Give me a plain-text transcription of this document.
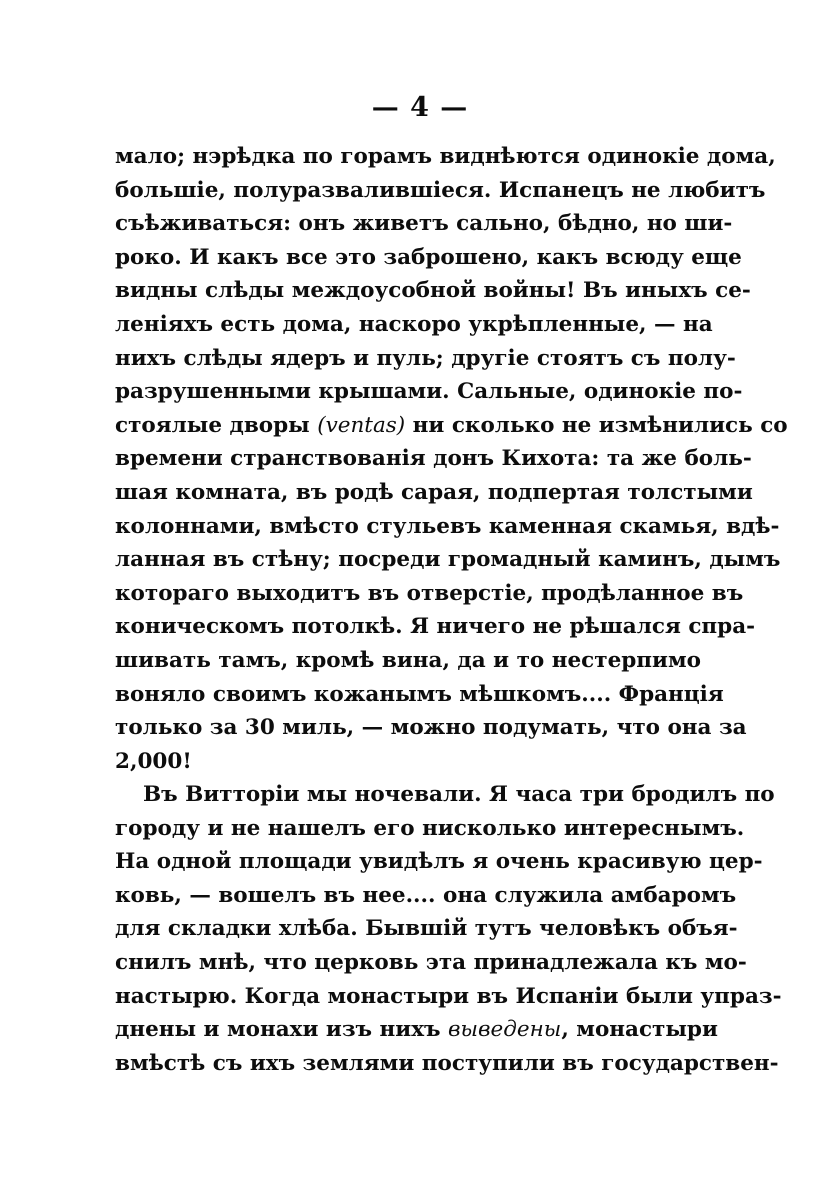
— 4 —
мало; нэрѣдка по горамъ виднѣются одинокіе дома,
большіе, полуразвалившіеся. Испанецъ не любитъ
съѣживаться: онъ живетъ сально, бѣдно, но ши-
роко. И какъ все это заброшено, какъ всюду еще
видны слѣды междоусобной войны! Въ иныхъ се-
леніяхъ есть дома, наскоро укрѣпленные, — на
нихъ слѣды ядеръ и пуль; другіе стоятъ съ полу-
разрушенными крышами. Сальные, одинокіе по-
стоялые дворы (ventas) ни сколько не измѣнились со
времени странствованія донъ Кихота: та же боль-
шая комната, въ родѣ сарая, подпертая толстыми
колоннами, вмѣсто стульевъ каменная скамья, вдѣ-
ланная въ стѣну; посреди громадный каминъ, дымъ
котораго выходитъ въ отверстіе, продѣланное въ
коническомъ потолкѣ. Я ничего не рѣшался спра-
шивать тамъ, кромѣ вина, да и то нестерпимо
воняло своимъ кожанымъ мѣшкомъ.... Франція
только за 30 миль, — можно подумать, что она за
2,000!
Въ Витторіи мы ночевали. Я часа три бродилъ по
городу и не нашелъ его нисколько интереснымъ.
На одной площади увидѣлъ я очень красивую цер-
ковь, — вошелъ въ нее.... она служила амбаромъ
для складки хлѣба. Бывшій тутъ человѣкъ объя-
снилъ мнѣ, что церковь эта принадлежала къ мо-
настырю. Когда монастыри въ Испаніи были упраз-
днены и монахи изъ нихъ выведены, монастыри
вмѣстѣ съ ихъ землями поступили въ государствен-
